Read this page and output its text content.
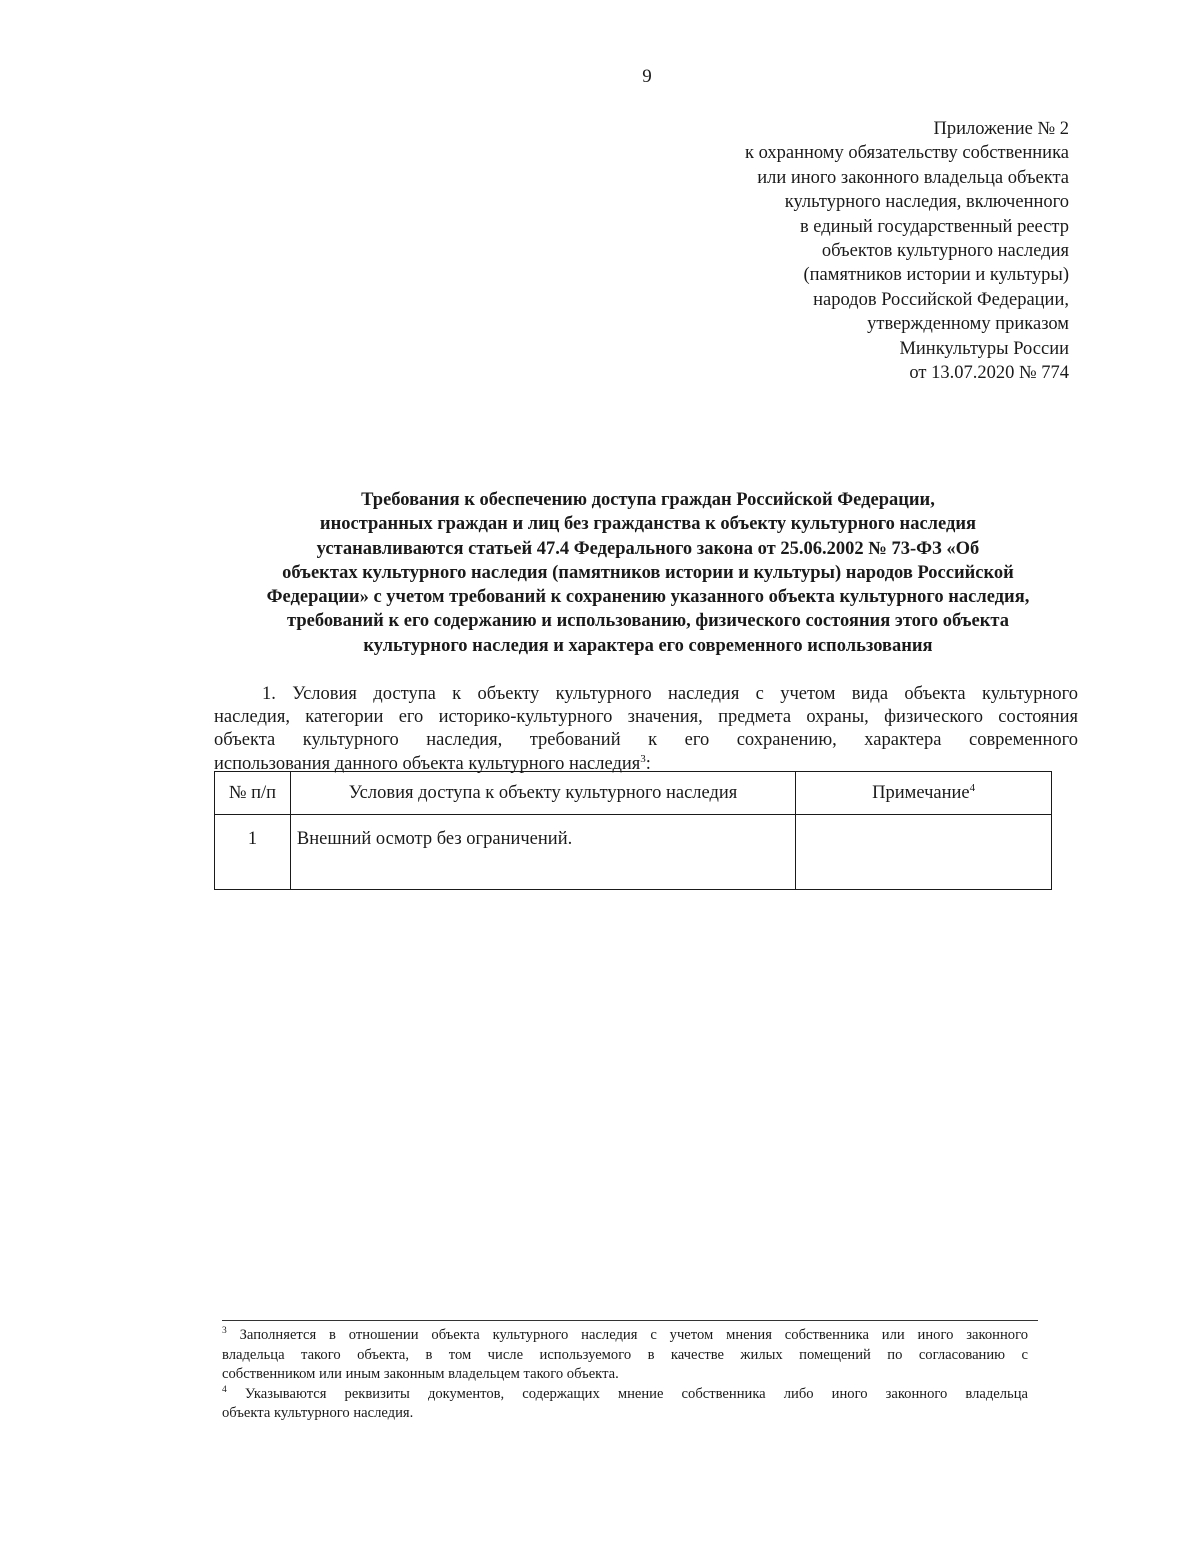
9
Приложение № 2
к охранному обязательству собственника
или иного законного владельца объекта
культурного наследия, включенного
в единый государственный реестр
объектов культурного наследия
(памятников истории и культуры)
народов Российской Федерации,
утвержденному приказом
Минкультуры России
от 13.07.2020 № 774
Требования к обеспечению доступа граждан Российской Федерации,
иностранных граждан и лиц без гражданства к объекту культурного наследия
устанавливаются статьей 47.4 Федерального закона от 25.06.2002 № 73-ФЗ «Об
объектах культурного наследия (памятников истории и культуры) народов Российской
Федерации» с учетом требований к сохранению указанного объекта культурного наследия,
требований к его содержанию и использованию, физического состояния этого объекта
культурного наследия и характера его современного использования
1. Условия доступа к объекту культурного наследия с учетом вида объекта культурного
наследия, категории его историко-культурного значения, предмета охраны, физического состояния
объекта культурного наследия, требований к его сохранению, характера современного
использования данного объекта культурного наследия$^3$:
№ п/п	Условия доступа к объекту культурного наследия	Примечание$^4$
1	Внешний осмотр без ограничений.	
$^3$ Заполняется в отношении объекта культурного наследия с учетом мнения собственника или иного законного
владельца такого объекта, в том числе используемого в качестве жилых помещений по согласованию с
собственником или иным законным владельцем такого объекта.
$^4$ Указываются реквизиты документов, содержащих мнение собственника либо иного законного владельца
объекта культурного наследия.
